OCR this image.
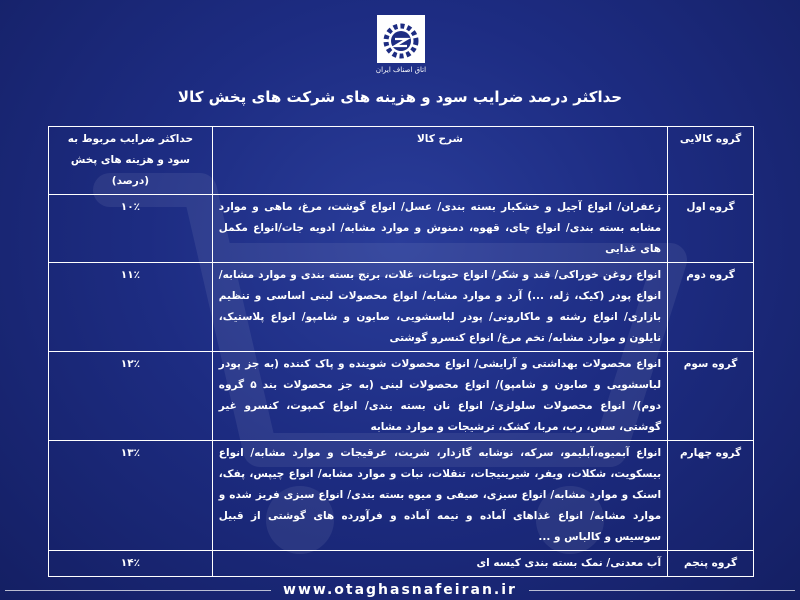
اتاق اصناف ایران
حداکثر درصد ضرایب سود و هزینه های شرکت های پخش کالا
گروه کالایی	شرح کالا	حداکثر ضرایب مربوط به سود و هزینه های پخش (درصد)
گروه اول	زعفران/ انواع آجیل و خشکبار بسته بندی/ عسل/ انواع گوشت، مرغ، ماهی و موارد مشابه بسته بندی/ انواع چای، قهوه، دمنوش و موارد مشابه/ ادویه جات/انواع مکمل های غذایی	۱۰٪
گروه دوم	انواع روغن خوراکی/ قند و شکر/ انواع حبوبات، غلات، برنج بسته بندی و موارد مشابه/ انواع پودر (کیک، ژله، ...) آرد و موارد مشابه/ انواع محصولات لبنی اساسی و تنظیم بازاری/ انواع رشته و ماکارونی/ پودر لباسشویی، صابون و شامپو/ انواع پلاستیک، نایلون و موارد مشابه/ تخم مرغ/ انواع کنسرو گوشتی	۱۱٪
گروه سوم	انواع محصولات بهداشتی و آرایشی/ انواع محصولات شوینده و پاک کننده (به جز پودر لباسشویی و صابون و شامپو)/ انواع محصولات لبنی (به جز محصولات بند ۵ گروه دوم)/ انواع محصولات سلولزی/ انواع نان بسته بندی/ انواع کمپوت، کنسرو غیر گوشتی، سس، رب، مربا، کشک، ترشیجات و موارد مشابه	۱۲٪
گروه چهارم	انواع آبمیوه،آبلیمو، سرکه، نوشابه گازدار، شربت، عرقیجات و موارد مشابه/ انواع بیسکویت، شکلات، ویفر، شیرینیجات، تنقلات، نبات و موارد مشابه/ انواع چیپس، پفک، اسنک و موارد مشابه/ انواع سبزی، صیفی و میوه بسته بندی/ انواع سبزی فریز شده و موارد مشابه/ انواع غذاهای آماده و نیمه آماده و فرآورده های گوشتی از قبیل سوسیس و کالباس و ...	۱۳٪
گروه پنجم	آب معدنی/ نمک بسته بندی کیسه ای	۱۴٪
www.otaghasnafeiran.ir
